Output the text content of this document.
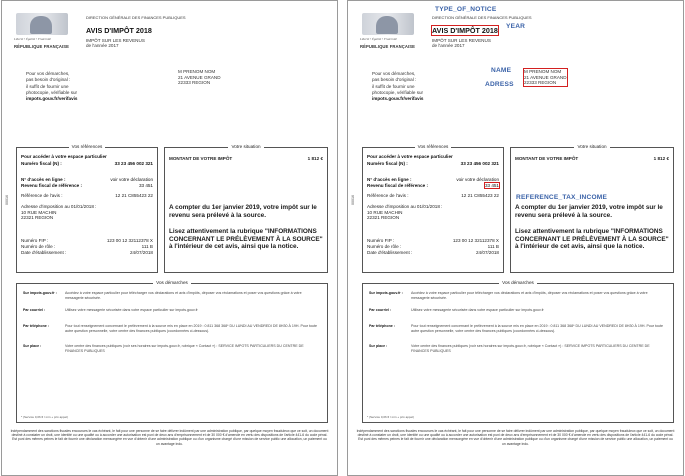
Liberté • Égalité • Fraternité
RÉPUBLIQUE FRANÇAISE
DIRECTION GÉNÉRALE DES FINANCES PUBLIQUES
AVIS D'IMPÔT 2018
IMPÔT SUR LES REVENUS
de l'année 2017
Pour vos démarches,
pas besoin d'original :
il suffit de fournir une
photocopie, vérifiable sur
impots.gouv.fr/verifavis
M PRENOM NOM
21 AVENUE GRAND
22333 REGION
00016
Vos références
Pour accéder à votre espace particulier
Numéro fiscal (N) :	33 23 456 002 321
N° d'accès en ligne :	voir votre déclaration
Revenu fiscal de référence :	33 451
Référence de l'avis :	12 21 C855423 22
Adresse d'imposition au 01/01/2018 :
10 RUE MACHIN
22321 REGION
Numéro FIP :	123 00 12 32112378 X
Numéro de rôle :	111 B
Date d'établissement :	24/07/2018
Votre situation
MONTANT DE VOTRE IMPÔT	1 812 €
A compter du 1er janvier 2019, votre impôt sur le revenu sera prélevé à la source.
Lisez attentivement la rubrique "INFORMATIONS CONCERNANT LE PRÉLÈVEMENT À LA SOURCE" à l'intérieur de cet avis, ainsi que la notice.
Vos démarches
Sur impots.gouv.fr : Accédez à votre espace particulier pour télécharger vos déclarations et avis d'impôts, déposer vos réclamations et poser vos questions grâce à votre messagerie sécurisée.
Par courriel :	Utilisez votre messagerie sécurisée dans votre espace particulier sur impots.gouv.fr
Par téléphone :	Pour tout renseignement concernant le prélèvement à la source mis en place en 2019 : 0 811 368 368* DU LUNDI AU VENDREDI DE 8H30 À 19H. Pour toute autre question personnelle, votre centre des finances publiques (coordonnées ci-dessous).
Sur place :	Votre centre des finances publiques (voir ses horaires sur impots.gouv.fr, rubrique « Contact ») : SERVICE IMPOTS PARTICULIERS DU CENTRE DE FINANCES PUBLIQUES
* (Service 0,06 € / min + prix appel)
Indépendamment des sanctions fiscales encourues le cas échéant, le fait pour une personne de se faire délivrer indûment par une administration publique, par quelque moyen frauduleux que ce soit, un document destiné à constater un droit, une identité ou une qualité ou à accorder une autorisation est puni de deux ans d'emprisonnement et de 30 000 € d'amende en vertu des dispositions de l'article 441-6 du code pénal. Est puni des mêmes peines le fait de fournir une déclaration mensongère en vue d'obtenir d'une administration publique ou d'un organisme chargé d'une mission de service public une allocation, un paiement ou un avantage indu.
Liberté • Égalité • Fraternité
RÉPUBLIQUE FRANÇAISE
DIRECTION GÉNÉRALE DES FINANCES PUBLIQUES
AVIS D'IMPÔT 2018
IMPÔT SUR LES REVENUS
de l'année 2017
Pour vos démarches,
pas besoin d'original :
il suffit de fournir une
photocopie, vérifiable sur
impots.gouv.fr/verifavis
M PRENOM NOM
21 AVENUE GRAND
22333 REGION
TYPE_OF_NOTICE
YEAR
NAME
ADRESS
REFERENCE_TAX_INCOME
00016
Vos références
Pour accéder à votre espace particulier
Numéro fiscal (N) :	33 23 456 002 321
N° d'accès en ligne :	voir votre déclaration
Revenu fiscal de référence :	33 451
Référence de l'avis :	12 21 C855423 22
Adresse d'imposition au 01/01/2018 :
10 RUE MACHIN
22321 REGION
Numéro FIP :	123 00 12 32112378 X
Numéro de rôle :	111 B
Date d'établissement :	24/07/2018
Votre situation
MONTANT DE VOTRE IMPÔT	1 812 €
A compter du 1er janvier 2019, votre impôt sur le revenu sera prélevé à la source.
Lisez attentivement la rubrique "INFORMATIONS CONCERNANT LE PRÉLÈVEMENT À LA SOURCE" à l'intérieur de cet avis, ainsi que la notice.
Vos démarches
Sur impots.gouv.fr : Accédez à votre espace particulier pour télécharger vos déclarations et avis d'impôts, déposer vos réclamations et poser vos questions grâce à votre messagerie sécurisée.
Par courriel :	Utilisez votre messagerie sécurisée dans votre espace particulier sur impots.gouv.fr
Par téléphone :	Pour tout renseignement concernant le prélèvement à la source mis en place en 2019 : 0 811 368 368* DU LUNDI AU VENDREDI DE 8H30 À 19H. Pour toute autre question personnelle, votre centre des finances publiques (coordonnées ci-dessous).
Sur place :	Votre centre des finances publiques (voir ses horaires sur impots.gouv.fr, rubrique « Contact ») : SERVICE IMPOTS PARTICULIERS DU CENTRE DE FINANCES PUBLIQUES
* (Service 0,06 € / min + prix appel)
Indépendamment des sanctions fiscales encourues le cas échéant, le fait pour une personne de se faire délivrer indûment par une administration publique, par quelque moyen frauduleux que ce soit, un document destiné à constater un droit, une identité ou une qualité ou à accorder une autorisation est puni de deux ans d'emprisonnement et de 30 000 € d'amende en vertu des dispositions de l'article 441-6 du code pénal. Est puni des mêmes peines le fait de fournir une déclaration mensongère en vue d'obtenir d'une administration publique ou d'un organisme chargé d'une mission de service public une allocation, un paiement ou un avantage indu.
